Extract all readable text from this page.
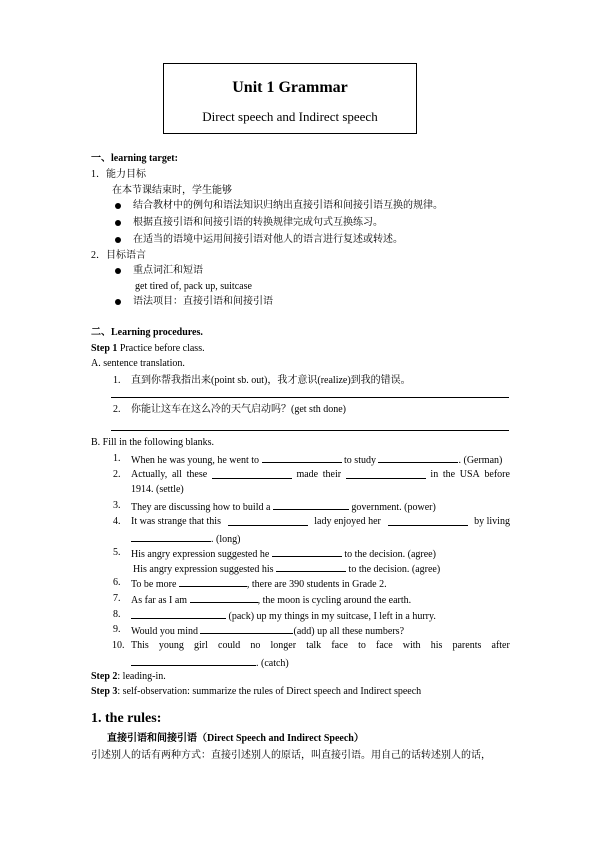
Unit 1 Grammar
Direct speech and Indirect speech
一、learning target:
1．能力目标
在本节课结束时，学生能够
结合教材中的例句和语法知识归纳出直接引语和间接引语互换的规律。
根据直接引语和间接引语的转换规律完成句式互换练习。
在适当的语境中运用间接引语对他人的语言进行复述或转述。
2．目标语言
重点词汇和短语
get tired of, pack up, suitcase
语法项目：直接引语和间接引语
二、Learning procedures.
Step 1 Practice before class.
A. sentence translation.
1. 直到你帮我指出来(point sb. out)，我才意识(realize)到我的错误。
2. 你能让这车在这么冷的天气启动吗？(get sth done)
B. Fill in the following blanks.
1. When he was young, he went to	to study	. (German)
2. Actually, all these	made their	in the USA before
1914. (settle)
3. They are discussing how to build a	government. (power)
4. It was strange that this	lady enjoyed her	by living
. (long)
5. His angry expression suggested he	to the decision. (agree)
His angry expression suggested his	to the decision. (agree)
6. To be more	, there are 390 students in Grade 2.
7. As far as I am	, the moon is cycling around the earth.
8.	(pack) up my things in my suitcase, I left in a hurry.
9. Would you mind	(add) up all these numbers?
10. This young girl could no longer talk face to face with his parents after
. (catch)
Step 2: leading-in.
Step 3: self-observation: summarize the rules of Direct speech and Indirect speech
1. the rules:
直接引语和间接引语（Direct Speech and Indirect Speech）
引述别人的话有两种方式：直接引述别人的原话，叫直接引语。用自己的话转述别人的话，
